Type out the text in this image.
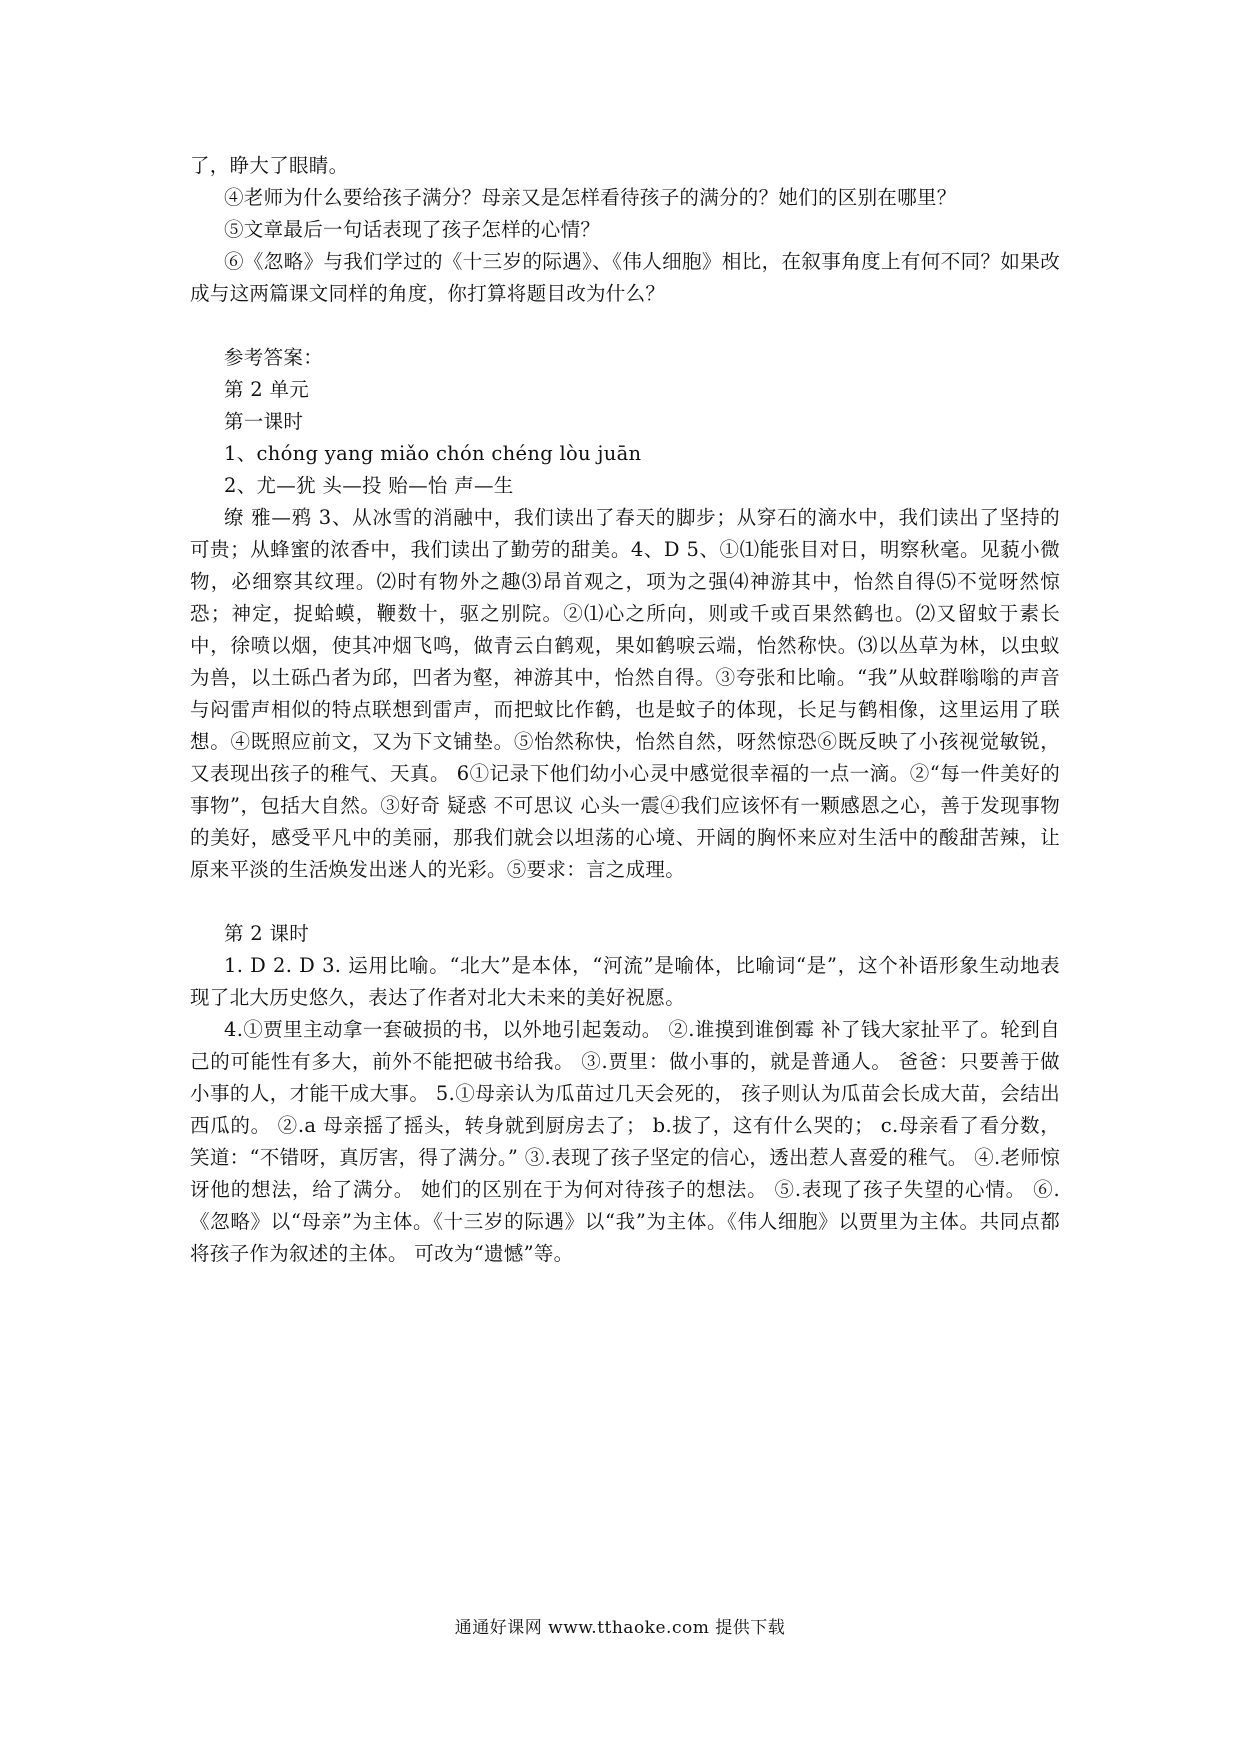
了，睁大了眼睛。

④老师为什么要给孩子满分？母亲又是怎样看待孩子的满分的？她们的区别在哪里？

⑤文章最后一句话表现了孩子怎样的心情？

⑥《忽略》与我们学过的《十三岁的际遇》、《伟人细胞》相比，在叙事角度上有何不同？如果改成与这两篇课文同样的角度，你打算将题目改为什么？

参考答案：

第 2 单元

第一课时

1、chóng yang miǎo chón chéng lòu juān

2、尤—犹 头—投 贻—怡 声—生

缭 雅—鸦 3、从冰雪的消融中，我们读出了春天的脚步；从穿石的滴水中，我们读出了坚持的可贵；从蜂蜜的浓香中，我们读出了勤劳的甜美。4、D 5、①⑴能张目对日，明察秋毫。见藐小微物，必细察其纹理。⑵时有物外之趣⑶昂首观之，项为之强⑷神游其中，怡然自得⑸不觉呀然惊恐；神定，捉蛤蟆，鞭数十，驱之别院。②⑴心之所向，则或千或百果然鹤也。⑵又留蚊于素长中，徐喷以烟，使其冲烟飞鸣，做青云白鹤观，果如鹤唳云端，怡然称快。⑶以丛草为林，以虫蚁为兽，以土砾凸者为邱，凹者为壑，神游其中，怡然自得。③夸张和比喻。“我”从蚊群嗡嗡的声音与闷雷声相似的特点联想到雷声，而把蚊比作鹤，也是蚊子的体现，长足与鹤相像，这里运用了联想。④既照应前文，又为下文铺垫。⑤怡然称快，怡然自然，呀然惊恐⑥既反映了小孩视觉敏锐，又表现出孩子的稚气、天真。 6①记录下他们幼小心灵中感觉很幸福的一点一滴。②“每一件美好的事物”，包括大自然。③好奇 疑惑 不可思议 心头一震④我们应该怀有一颗感恩之心，善于发现事物的美好，感受平凡中的美丽，那我们就会以坦荡的心境、开阔的胸怀来应对生活中的酸甜苦辣，让原来平淡的生活焕发出迷人的光彩。⑤要求：言之成理。

第 2 课时

1. D 2. D 3. 运用比喻。“北大”是本体，“河流”是喻体，比喻词“是”，这个补语形象生动地表现了北大历史悠久，表达了作者对北大未来的美好祝愿。

4.①贾里主动拿一套破损的书，以外地引起轰动。 ②.谁摸到谁倒霉 补了钱大家扯平了。轮到自己的可能性有多大，前外不能把破书给我。 ③.贾里：做小事的，就是普通人。 爸爸：只要善于做小事的人，才能干成大事。 5.①母亲认为瓜苗过几天会死的， 孩子则认为瓜苗会长成大苗，会结出西瓜的。 ②.a 母亲摇了摇头，转身就到厨房去了； b.拔了，这有什么哭的； c.母亲看了看分数，笑道：“不错呀，真厉害，得了满分。” ③.表现了孩子坚定的信心，透出惹人喜爱的稚气。 ④.老师惊讶他的想法，给了满分。 她们的区别在于为何对待孩子的想法。 ⑤.表现了孩子失望的心情。 ⑥.《忽略》以“母亲”为主体。《十三岁的际遇》以“我”为主体。《伟人细胞》以贾里为主体。共同点都将孩子作为叙述的主体。 可改为“遗憾”等。

通通好课网 www.tthaoke.com 提供下载
